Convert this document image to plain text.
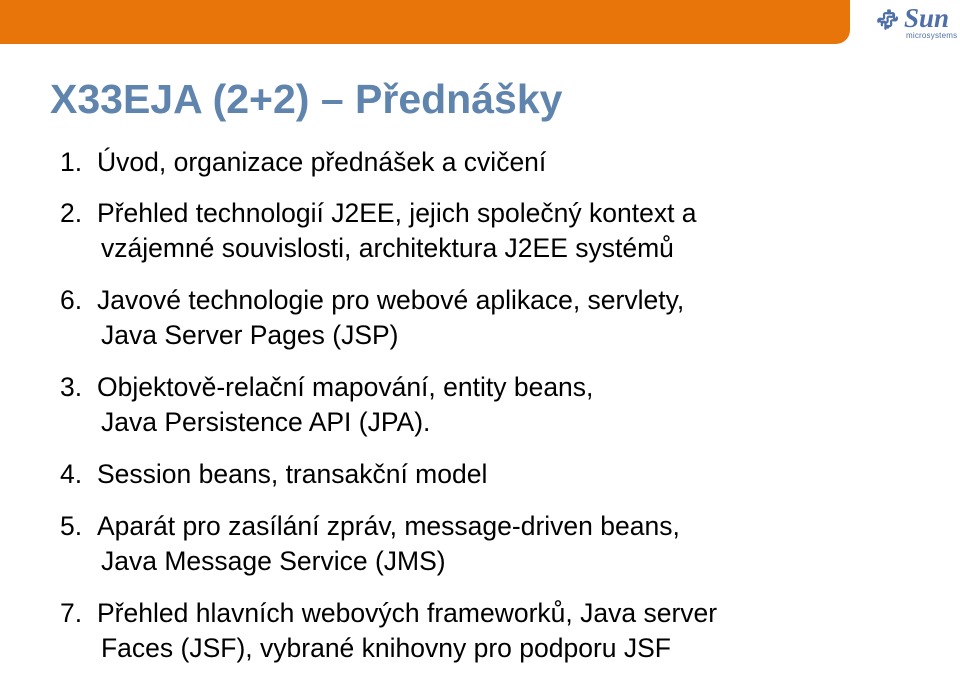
Sun
microsystems
X33EJA (2+2) – Přednášky
1. Úvod, organizace přednášek a cvičení
2. Přehled technologií J2EE, jejich společný kontext a
vzájemné souvislosti, architektura J2EE systémů
6. Javové technologie pro webové aplikace, servlety,
Java Server Pages (JSP)
3. Objektově-relační mapování, entity beans,
Java Persistence API (JPA).
4. Session beans, transakční model
5. Aparát pro zasílání zpráv, message-driven beans,
Java Message Service (JMS)
7. Přehled hlavních webových frameworků, Java server
Faces (JSF), vybrané knihovny pro podporu JSF
